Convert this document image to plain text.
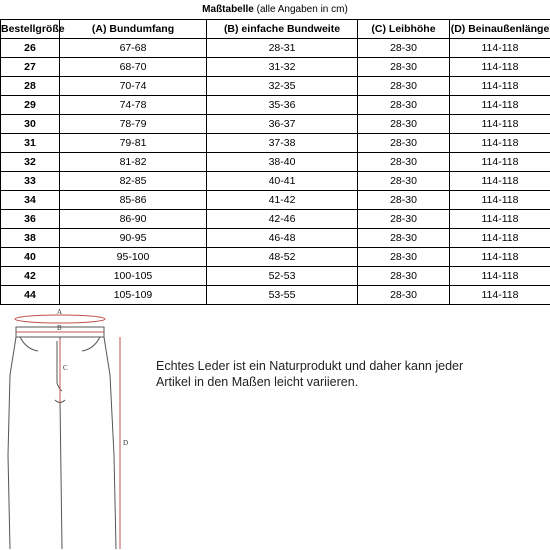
Maßtabelle (alle Angaben in cm)
Bestellgröße	(A) Bundumfang	(B) einfache Bundweite	(C) Leibhöhe	(D) Beinaußenlänge
26	67-68	28-31	28-30	114-118
27	68-70	31-32	28-30	114-118
28	70-74	32-35	28-30	114-118
29	74-78	35-36	28-30	114-118
30	78-79	36-37	28-30	114-118
31	79-81	37-38	28-30	114-118
32	81-82	38-40	28-30	114-118
33	82-85	40-41	28-30	114-118
34	85-86	41-42	28-30	114-118
36	86-90	42-46	28-30	114-118
38	90-95	46-48	28-30	114-118
40	95-100	48-52	28-30	114-118
42	100-105	52-53	28-30	114-118
44	105-109	53-55	28-30	114-118
A
B
C
D
Echtes Leder ist ein Naturprodukt und daher kann jeder Artikel in den Maßen leicht variieren.
